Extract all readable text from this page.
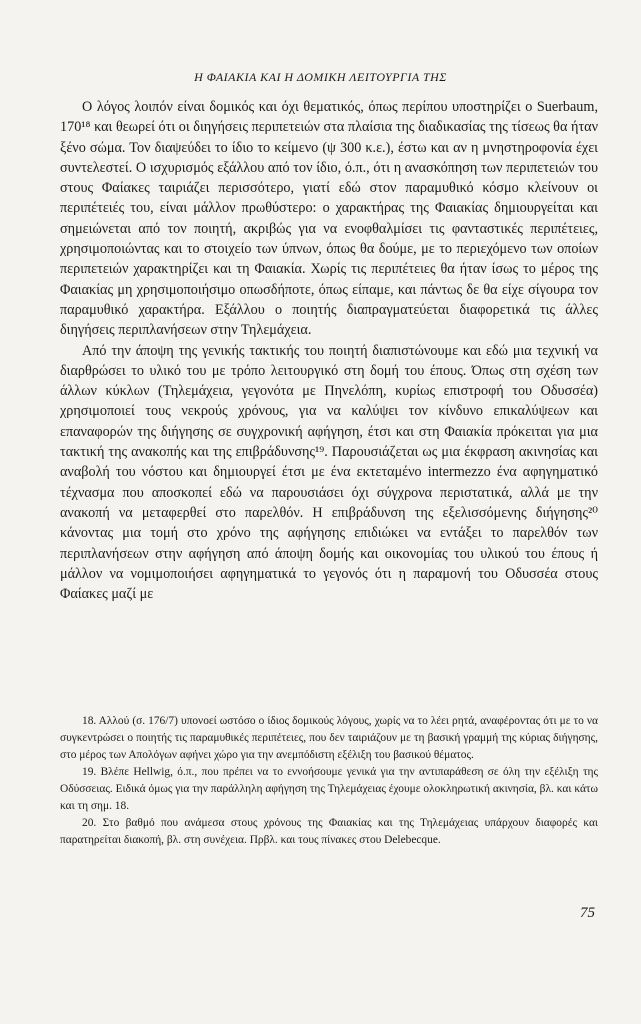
Η ΦΑΙΑΚΙΑ ΚΑΙ Η ΔΟΜΙΚΗ ΛΕΙΤΟΥΡΓΙΑ ΤΗΣ

Ο λόγος λοιπόν είναι δομικός και όχι θεματικός, όπως περίπου υποστηρίζει ο Suerbaum, 170¹⁸ και θεωρεί ότι οι διηγήσεις περιπετειών στα πλαίσια της διαδικασίας της τίσεως θα ήταν ξένο σώμα. Τον διαψεύδει το ίδιο το κείμενο (ψ 300 κ.ε.), έστω και αν η μνηστηροφονία έχει συντελεστεί. Ο ισχυρισμός εξάλλου από τον ίδιο, ό.π., ότι η ανασκόπηση των περιπετειών του στους Φαίακες ταιριάζει περισσότερο, γιατί εδώ στον παραμυθικό κόσμο κλείνουν οι περιπέτειές του, είναι μάλλον πρωθύστερο: ο χαρακτήρας της Φαιακίας δημιουργείται και σημειώνεται από τον ποιητή, ακριβώς για να ενοφθαλμίσει τις φανταστικές περιπέτειες, χρησιμοποιώντας και το στοιχείο των ύπνων, όπως θα δούμε, με το περιεχόμενο των οποίων περιπετειών χαρακτηρίζει και τη Φαιακία. Χωρίς τις περιπέτειες θα ήταν ίσως το μέρος της Φαιακίας μη χρησιμοποιήσιμο οπωσδήποτε, όπως είπαμε, και πάντως δε θα είχε σίγουρα τον παραμυθικό χαρακτήρα. Εξάλλου ο ποιητής διαπραγματεύεται διαφορετικά τις άλλες διηγήσεις περιπλανήσεων στην Τηλεμάχεια.

Από την άποψη της γενικής τακτικής του ποιητή διαπιστώνουμε και εδώ μια τεχνική να διαρθρώσει το υλικό του με τρόπο λειτουργικό στη δομή του έπους. Όπως στη σχέση των άλλων κύκλων (Τηλεμάχεια, γεγονότα με Πηνελόπη, κυρίως επιστροφή του Οδυσσέα) χρησιμοποιεί τους νεκρούς χρόνους, για να καλύψει τον κίνδυνο επικαλύψεων και επαναφορών της διήγησης σε συγχρονική αφήγηση, έτσι και στη Φαιακία πρόκειται για μια τακτική της ανακοπής και της επιβράδυνσης¹⁹. Παρουσιάζεται ως μια έκφραση ακινησίας και αναβολή του νόστου και δημιουργεί έτσι με ένα εκτεταμένο intermezzo ένα αφηγηματικό τέχνασμα που αποσκοπεί εδώ να παρουσιάσει όχι σύγχρονα περιστατικά, αλλά με την ανακοπή να μεταφερθεί στο παρελθόν. Η επιβράδυνση της εξελισσόμενης διήγησης²⁰ κάνοντας μια τομή στο χρόνο της αφήγησης επιδιώκει να εντάξει το παρελθόν των περιπλανήσεων στην αφήγηση από άποψη δομής και οικονομίας του υλικού του έπους ή μάλλον να νομιμοποιήσει αφηγηματικά το γεγονός ότι η παραμονή του Οδυσσέα στους Φαίακες μαζί με

18. Αλλού (σ. 176/7) υπονοεί ωστόσο ο ίδιος δομικούς λόγους, χωρίς να το λέει ρητά, αναφέροντας ότι με το να συγκεντρώσει ο ποιητής τις παραμυθικές περιπέτειες, που δεν ταιριάζουν με τη βασική γραμμή της κύριας διήγησης, στο μέρος των Απολόγων αφήνει χώρο για την ανεμπόδιστη εξέλιξη του βασικού θέματος.

19. Βλέπε Hellwig, ό.π., που πρέπει να το εννοήσουμε γενικά για την αντιπαράθεση σε όλη την εξέλιξη της Οδύσσειας. Ειδικά όμως για την παράλληλη αφήγηση της Τηλεμάχειας έχουμε ολοκληρωτική ακινησία, βλ. και κάτω και τη σημ. 18.

20. Στο βαθμό που ανάμεσα στους χρόνους της Φαιακίας και της Τηλεμάχειας υπάρχουν διαφορές και παρατηρείται διακοπή, βλ. στη συνέχεια. Πρβλ. και τους πίνακες στου Delebecque.

75
